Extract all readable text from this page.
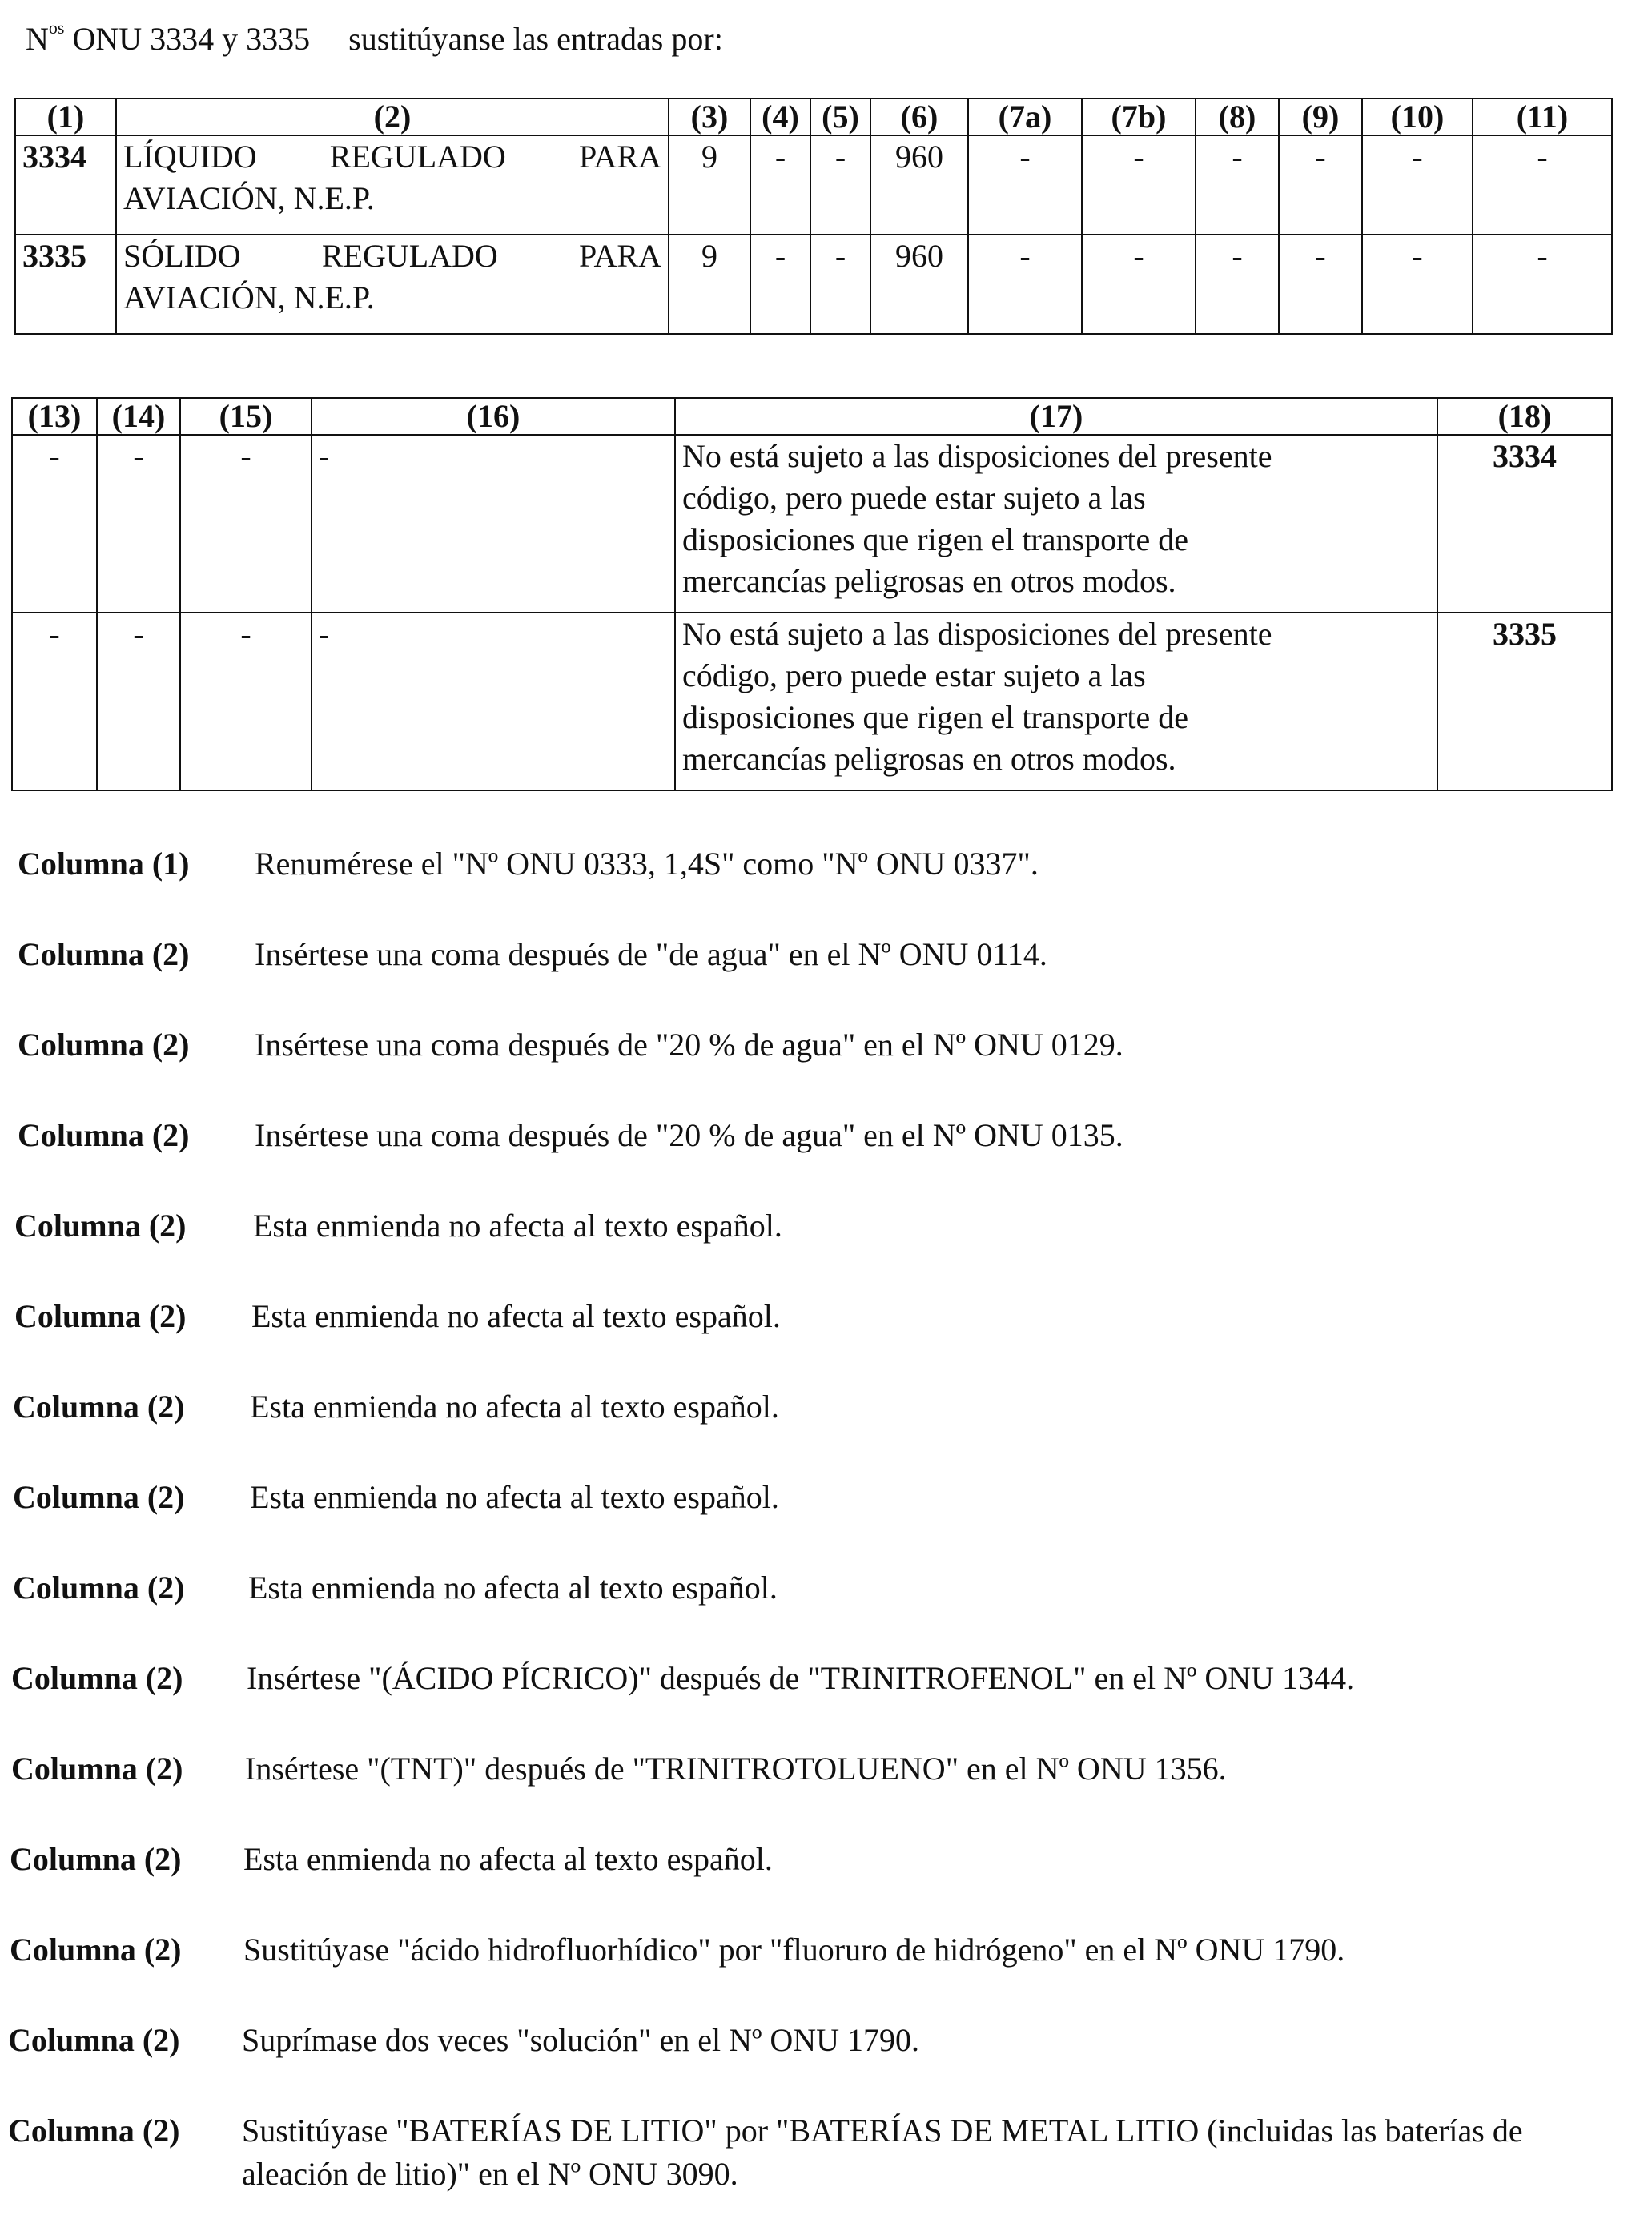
$N^{os}$ ONU 3334 y 3335 sustitúyanse las entradas por:
(1)	(2)	(3)	(4)	(5)	(6)	(7a)	(7b)	(8)	(9)	(10)	(11)
3334	LÍQUIDO REGULADO PARA
AVIACIÓN, N.E.P.	9	-	-	960	-	-	-	-	-	-
3335	SÓLIDO REGULADO PARA
AVIACIÓN, N.E.P.	9	-	-	960	-	-	-	-	-	-
(13)	(14)	(15)	(16)	(17)	(18)
-	-	-	-	No está sujeto a las disposiciones del presente
código, pero puede estar sujeto a las
disposiciones que rigen el transporte de
mercancías peligrosas en otros modos.	3334
-	-	-	-	No está sujeto a las disposiciones del presente
código, pero puede estar sujeto a las
disposiciones que rigen el transporte de
mercancías peligrosas en otros modos.	3335
Columna (1) Renumérese el "Nº ONU 0333, 1,4S" como "Nº ONU 0337".
Columna (2) Insértese una coma después de "de agua" en el Nº ONU 0114.
Columna (2) Insértese una coma después de "20 % de agua" en el Nº ONU 0129.
Columna (2) Insértese una coma después de "20 % de agua" en el Nº ONU 0135.
Columna (2) Esta enmienda no afecta al texto español.
Columna (2) Esta enmienda no afecta al texto español.
Columna (2) Esta enmienda no afecta al texto español.
Columna (2) Esta enmienda no afecta al texto español.
Columna (2) Esta enmienda no afecta al texto español.
Columna (2) Insértese "(ÁCIDO PÍCRICO)" después de "TRINITROFENOL" en el Nº ONU 1344.
Columna (2) Insértese "(TNT)" después de "TRINITROTOLUENO" en el Nº ONU 1356.
Columna (2) Esta enmienda no afecta al texto español.
Columna (2) Sustitúyase "ácido hidrofluorhídico" por "fluoruro de hidrógeno" en el Nº ONU 1790.
Columna (2) Suprímase dos veces "solución" en el Nº ONU 1790.
Columna (2) Sustitúyase "BATERÍAS DE LITIO" por "BATERÍAS DE METAL LITIO (incluidas las baterías de aleación de litio)" en el Nº ONU 3090.
